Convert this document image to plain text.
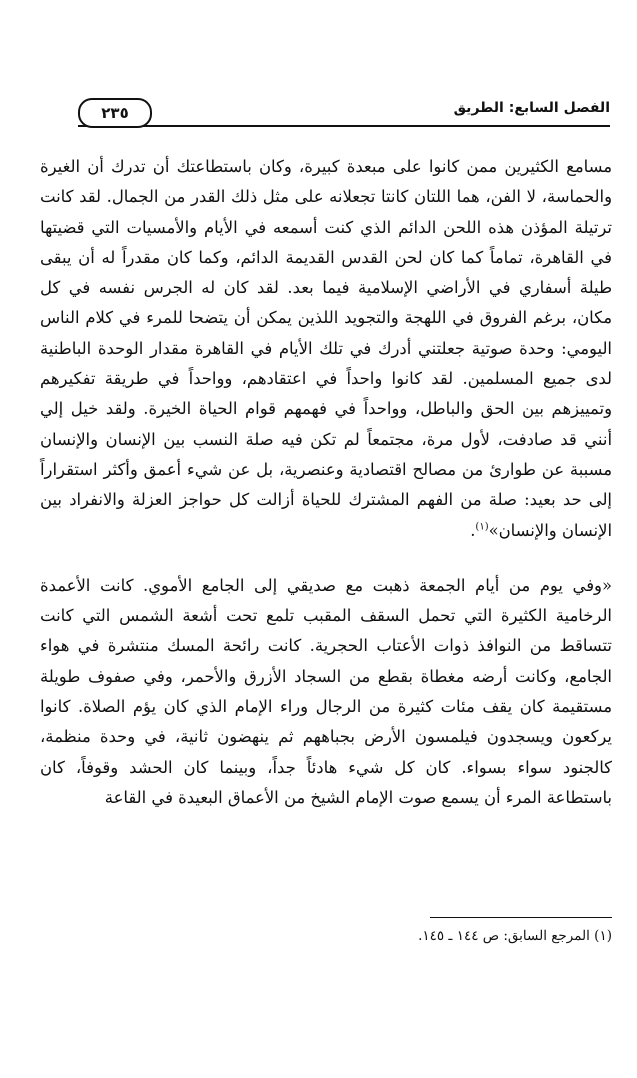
٢٣٥	الفصل السابع: الطريق

مسامع الكثيرين ممن كانوا على مبعدة كبيرة، وكان باستطاعتك أن تدرك أن الغيرة والحماسة، لا الفن، هما اللتان كانتا تجعلانه على مثل ذلك القدر من الجمال. لقد كانت ترتيلة المؤذن هذه اللحن الدائم الذي كنت أسمعه في الأيام والأمسيات التي قضيتها في القاهرة، تماماً كما كان لحن القدس القديمة الدائم، وكما كان مقدراً له أن يبقى طيلة أسفاري في الأراضي الإسلامية فيما بعد. لقد كان له الجرس نفسه في كل مكان، برغم الفروق في اللهجة والتجويد اللذين يمكن أن يتضحا للمرء في كلام الناس اليومي: وحدة صوتية جعلتني أدرك في تلك الأيام في القاهرة مقدار الوحدة الباطنية لدى جميع المسلمين. لقد كانوا واحداً في اعتقادهم، وواحداً في طريقة تفكيرهم وتمييزهم بين الحق والباطل، وواحداً في فهمهم قوام الحياة الخيرة. ولقد خيل إلي أنني قد صادفت، لأول مرة، مجتمعاً لم تكن فيه صلة النسب بين الإنسان والإنسان مسببة عن طوارئ من مصالح اقتصادية وعنصرية، بل عن شيء أعمق وأكثر استقراراً إلى حد بعيد: صلة من الفهم المشترك للحياة أزالت كل حواجز العزلة والانفراد بين الإنسان والإنسان»$^{(١)}$.

«وفي يوم من أيام الجمعة ذهبت مع صديقي إلى الجامع الأموي. كانت الأعمدة الرخامية الكثيرة التي تحمل السقف المقبب تلمع تحت أشعة الشمس التي كانت تتساقط من النوافذ ذوات الأعتاب الحجرية. كانت رائحة المسك منتشرة في هواء الجامع، وكانت أرضه مغطاة بقطع من السجاد الأزرق والأحمر، وفي صفوف طويلة مستقيمة كان يقف مئات كثيرة من الرجال وراء الإمام الذي كان يؤم الصلاة. كانوا يركعون ويسجدون فيلمسون الأرض بجباههم ثم ينهضون ثانية، في وحدة منظمة، كالجنود سواء بسواء. كان كل شيء هادئاً جداً، وبينما كان الحشد وقوفاً، كان باستطاعة المرء أن يسمع صوت الإمام الشيخ من الأعماق البعيدة في القاعة

(١) المرجع السابق: ص ١٤٤ ـ ١٤٥.
